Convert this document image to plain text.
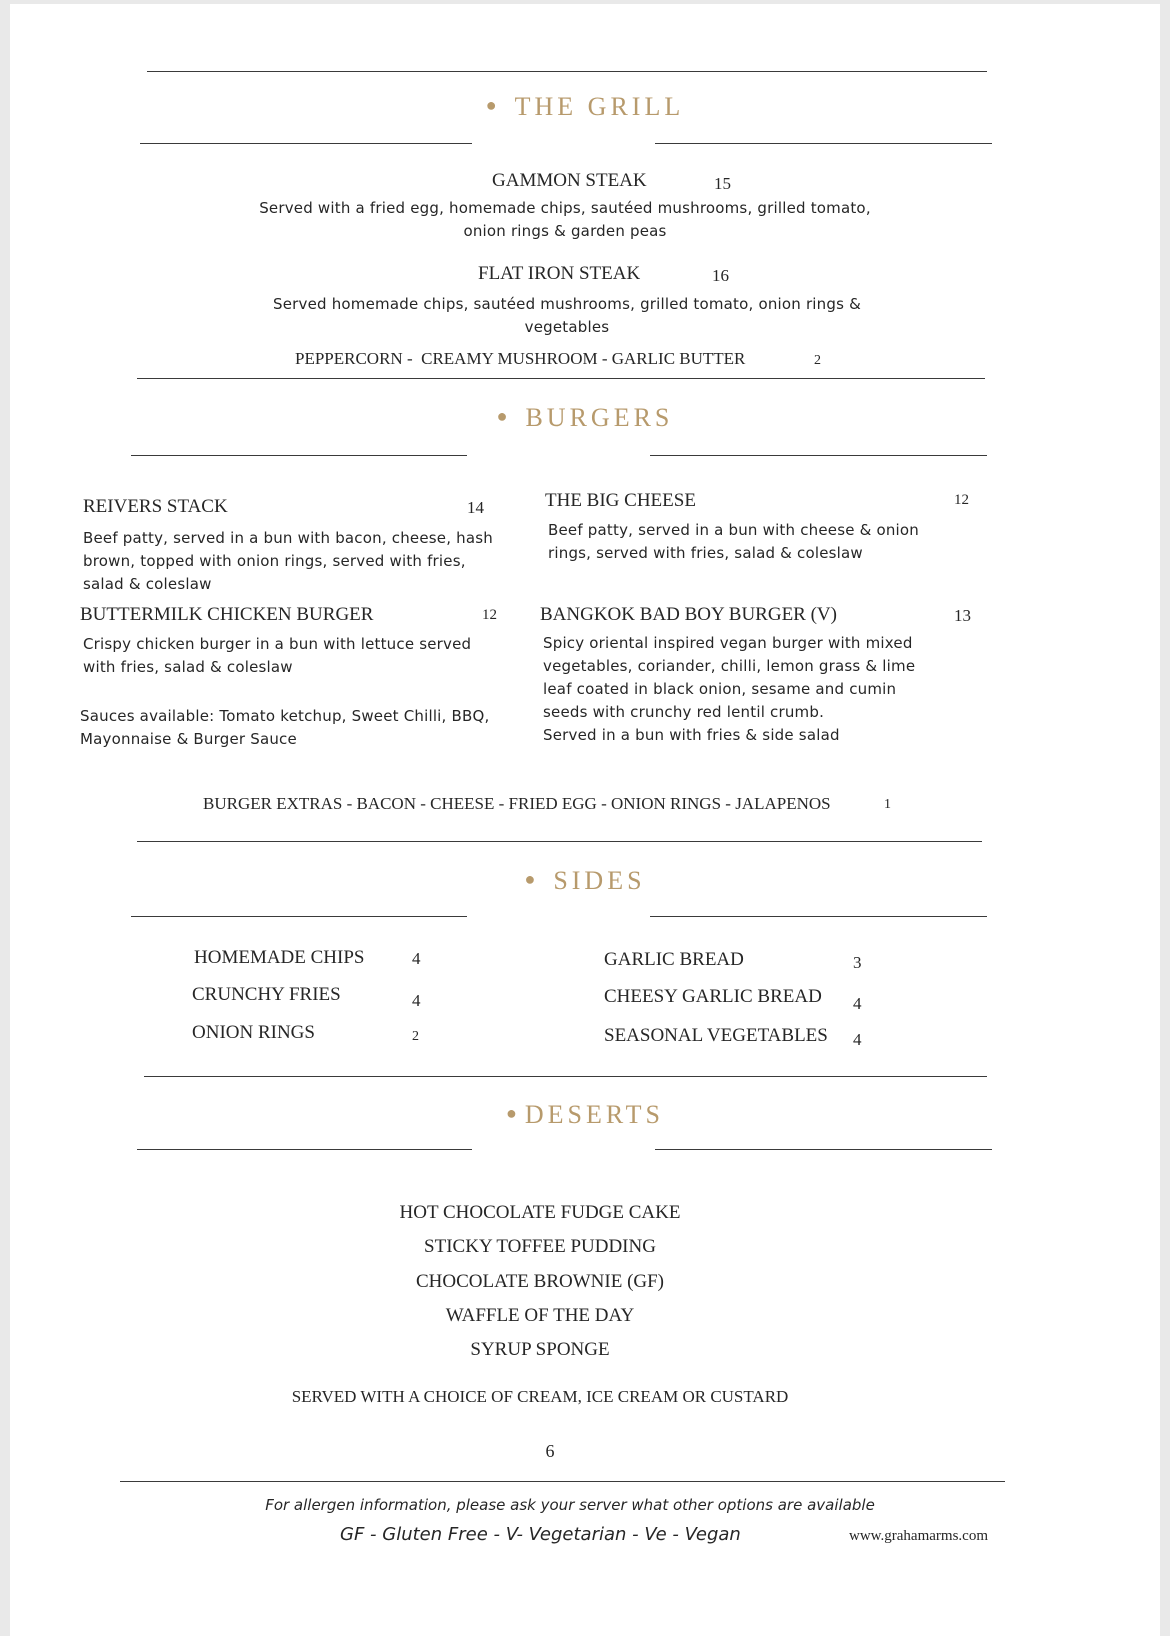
● THE GRILL
GAMMON STEAK	15
Served with a fried egg, homemade chips, sautéed mushrooms, grilled tomato, onion rings & garden peas
FLAT IRON STEAK	16
Served homemade chips, sautéed mushrooms, grilled tomato, onion rings & vegetables
PEPPERCORN -  CREAMY MUSHROOM - GARLIC BUTTER	2
● BURGERS
REIVERS STACK	14
Beef patty, served in a bun with bacon, cheese, hash brown, topped with onion rings, served with fries, salad & coleslaw
THE BIG CHEESE	12
Beef patty, served in a bun with cheese & onion rings, served with fries, salad & coleslaw
BUTTERMILK CHICKEN BURGER	12
Crispy chicken burger in a bun with lettuce served with fries, salad & coleslaw
BANGKOK BAD BOY BURGER (V)	13
Spicy oriental inspired vegan burger with mixed vegetables, coriander, chilli, lemon grass & lime leaf coated in black onion, sesame and cumin seeds with crunchy red lentil crumb.
Served in a bun with fries & side salad
Sauces available: Tomato ketchup, Sweet Chilli, BBQ, Mayonnaise & Burger Sauce
BURGER EXTRAS - BACON - CHEESE - FRIED EGG - ONION RINGS - JALAPENOS	1
● SIDES
HOMEMADE CHIPS	4
CRUNCHY FRIES	4
ONION RINGS	2
GARLIC BREAD	3
CHEESY GARLIC BREAD 4
SEASONAL VEGETABLES 4
● DESERTS
HOT CHOCOLATE FUDGE CAKE
STICKY TOFFEE PUDDING
CHOCOLATE BROWNIE (GF)
WAFFLE OF THE DAY
SYRUP SPONGE
SERVED WITH A CHOICE OF CREAM, ICE CREAM OR CUSTARD
6
For allergen information, please ask your server what other options are available
GF - Gluten Free - V- Vegetarian - Ve - Vegan	www.grahamarms.com
